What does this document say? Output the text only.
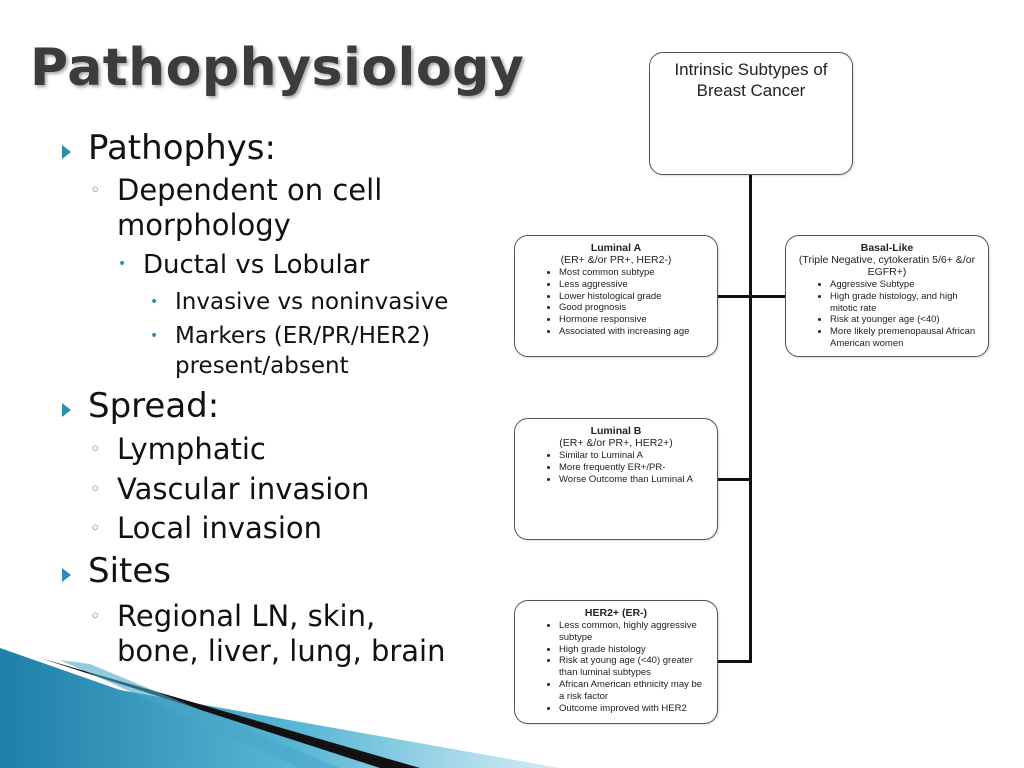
Pathophysiology
Pathophys:
◦ Dependent on cell
morphology
• Ductal vs Lobular
• Invasive vs noninvasive
• Markers (ER/PR/HER2)
present/absent
Spread:
◦ Lymphatic
◦ Vascular invasion
◦ Local invasion
Sites
◦ Regional LN, skin,
bone, liver, lung, brain
Intrinsic Subtypes of
Breast Cancer
Luminal A
(ER+ &/or PR+, HER2-)
• Most common subtype
• Less aggressive
• Lower histological grade
• Good prognosis
• Hormone responsive
• Associated with increasing age
Basal-Like
(Triple Negative, cytokeratin 5/6+ &/or
EGFR+)
• Aggressive Subtype
• High grade histology, and high mitotic rate
• Risk at younger age (<40)
• More likely premenopausal African American women
Luminal B
(ER+ &/or PR+, HER2+)
• Similar to Luminal A
• More frequently ER+/PR-
• Worse Outcome than Luminal A
HER2+ (ER-)
• Less common, highly aggressive subtype
• High grade histology
• Risk at young age (<40) greater than luminal subtypes
• African American ethnicity may be a risk factor
• Outcome improved with HER2
